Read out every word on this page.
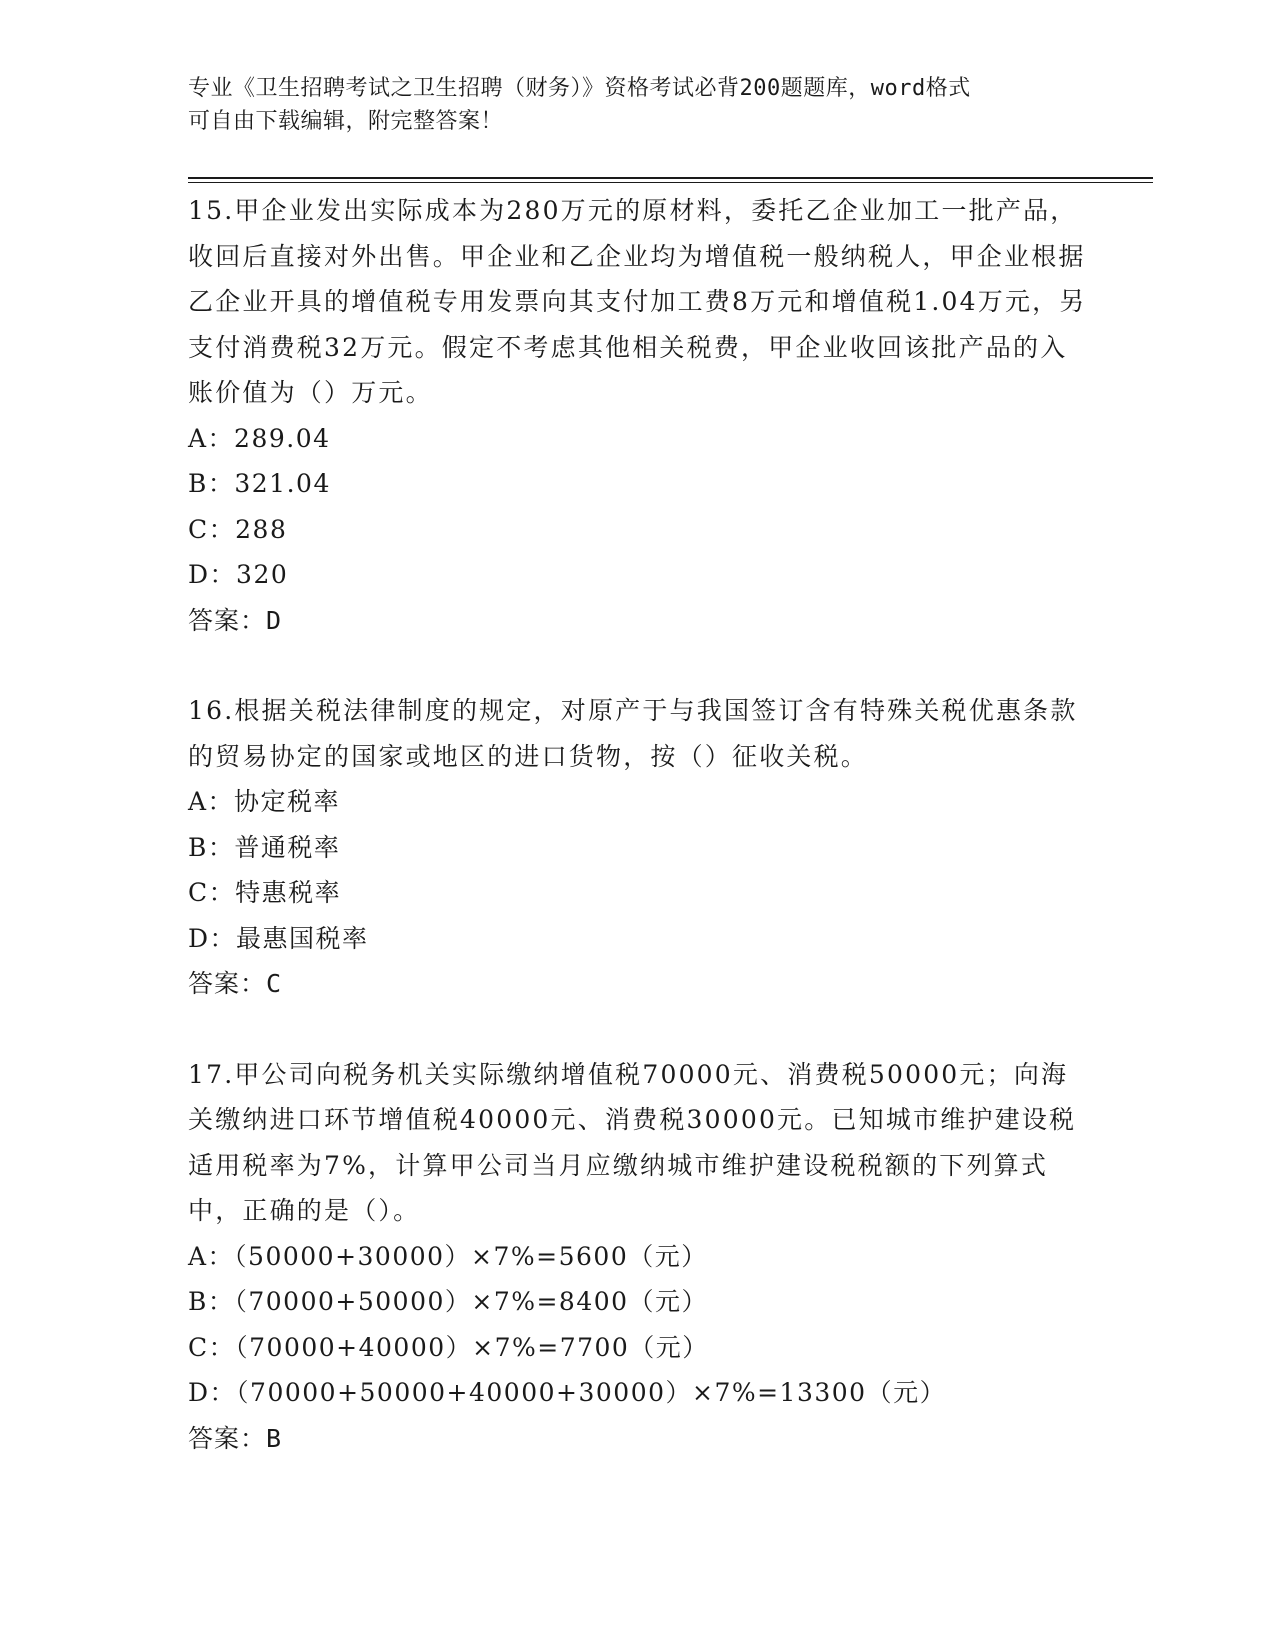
专业《卫生招聘考试之卫生招聘（财务）》资格考试必背200题题库，word格式
可自由下载编辑，附完整答案！

15.甲企业发出实际成本为280万元的原材料，委托乙企业加工一批产品，收回后直接对外出售。甲企业和乙企业均为增值税一般纳税人，甲企业根据乙企业开具的增值税专用发票向其支付加工费8万元和增值税1.04万元，另支付消费税32万元。假定不考虑其他相关税费，甲企业收回该批产品的入账价值为（）万元。

A：289.04

B：321.04

C：288

D：320

答案：D

16.根据关税法律制度的规定，对原产于与我国签订含有特殊关税优惠条款的贸易协定的国家或地区的进口货物，按（）征收关税。

A：协定税率

B：普通税率

C：特惠税率

D：最惠国税率

答案：C

17.甲公司向税务机关实际缴纳增值税70000元、消费税50000元；向海关缴纳进口环节增值税40000元、消费税30000元。已知城市维护建设税适用税率为7%，计算甲公司当月应缴纳城市维护建设税税额的下列算式中，正确的是（）。

A：（50000+30000）×7%=5600（元）

B：（70000+50000）×7%=8400（元）

C：（70000+40000）×7%=7700（元）

D：（70000+50000+40000+30000）×7%=13300（元）

答案：B
